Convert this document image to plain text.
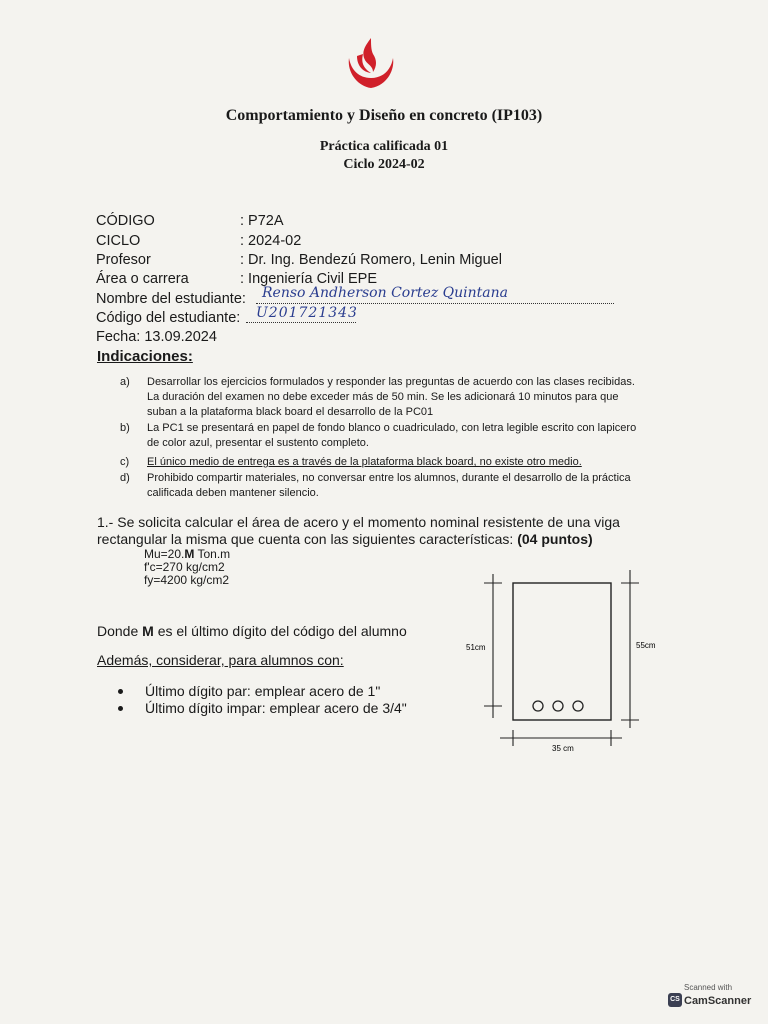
Comportamiento y Diseño en concreto (IP103)
Práctica calificada 01
Ciclo 2024-02
CÓDIGO	: P72A
CICLO	: 2024-02
Profesor	: Dr. Ing. Bendezú Romero, Lenin Miguel
Área o carrera	: Ingeniería Civil EPE
Nombre del estudiante: Renso Andherson Cortez Quintana
Código del estudiante: U201721343
Fecha: 13.09.2024
Indicaciones:
a) Desarrollar los ejercicios formulados y responder las preguntas de acuerdo con las clases recibidas. La duración del examen no debe exceder más de 50 min. Se les adicionará 10 minutos para que suban a la plataforma black board el desarrollo de la PC01
b) La PC1 se presentará en papel de fondo blanco o cuadriculado, con letra legible escrito con lapicero de color azul, presentar el sustento completo.
c) El único medio de entrega es a través de la plataforma black board, no existe otro medio.
d) Prohibido compartir materiales, no conversar entre los alumnos, durante el desarrollo de la práctica calificada deben mantener silencio.
1.- Se solicita calcular el área de acero y el momento nominal resistente de una viga rectangular la misma que cuenta con las siguientes características: (04 puntos)
Mu=20.M Ton.m
f'c=270 kg/cm2
fy=4200 kg/cm2
Donde M es el último dígito del código del alumno
Además, considerar, para alumnos con:
Último dígito par: emplear acero de 1"
Último dígito impar: emplear acero de 3/4"
51cm	55cm
35 cm
Scanned with
CS CamScanner
